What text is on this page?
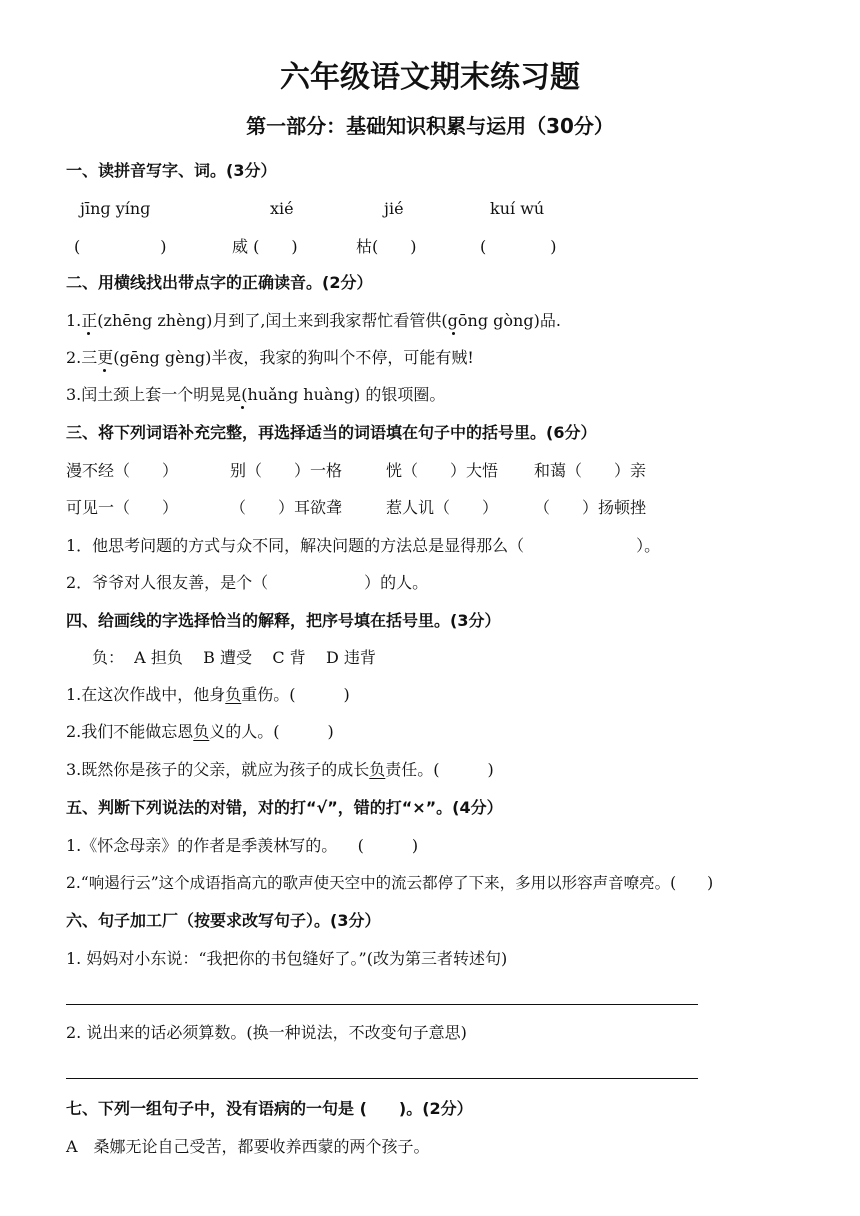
六年级语文期末练习题
第一部分：基础知识积累与运用（30分）
一、读拼音写字、词。(3分）
jīnɡ yínɡ	xié	jié	kuí wú
(　　　　　)	威 (　　)	枯(　　)	(　　　　)
二、用横线找出带点字的正确读音。(2分）
1.正(zhēng zhèng)月到了,闰土来到我家帮忙看管供(gōng gòng)品.
2.三更(gēng gèng)半夜，我家的狗叫个不停，可能有贼!
3.闰土颈上套一个明晃晃(huǎng huàng) 的银项圈。
三、将下列词语补充完整，再选择适当的词语填在句子中的括号里。(6分）
漫不经（　　）	别（　　）一格	恍（　　）大悟 和蔼（　　）亲
可见一（　　）	（　　）耳欲聋	惹人讥（　　） （　　）扬顿挫
1．他思考问题的方式与众不同，解决问题的方法总是显得那么（　　　　　　　）。
2．爷爷对人很友善，是个（　　　　　　）的人。
四、给画线的字选择恰当的解释，把序号填在括号里。(3分）
负：  A 担负    B 遭受    C 背    D 违背
1.在这次作战中，他身负重伤。(　　　)
2.我们不能做忘恩负义的人。(　　　)
3.既然你是孩子的父亲，就应为孩子的成长负责任。(　　　)
五、判断下列说法的对错，对的打“√”，错的打“×”。(4分）
1.《怀念母亲》的作者是季羡林写的。    (　　　)
2.“响遏行云”这个成语指高亢的歌声使天空中的流云都停了下来，多用以形容声音嘹亮。(　　)
六、句子加工厂（按要求改写句子）。(3分）
1. 妈妈对小东说：“我把你的书包缝好了。”(改为第三者转述句)
2. 说出来的话必须算数。(换一种说法，不改变句子意思)
七、下列一组句子中，没有语病的一句是 (　　)。(2分）
A　桑娜无论自己受苦，都要收养西蒙的两个孩子。
